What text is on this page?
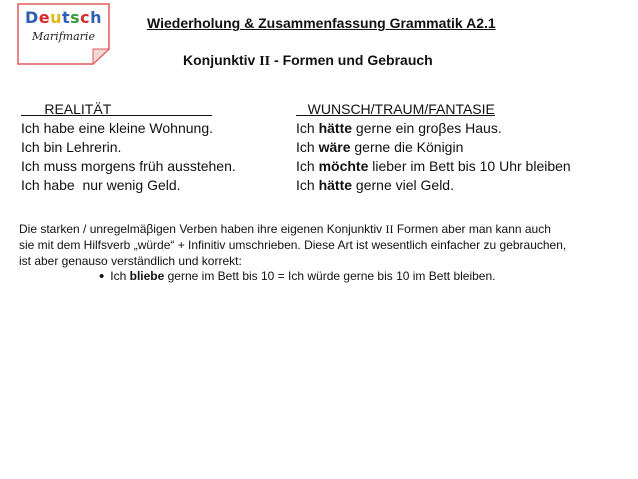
Deutsch
Marifmarie
Wiederholung & Zusammenfassung Grammatik A2.1
Konjunktiv II - Formen und Gebrauch
REALITÄT
Ich habe eine kleine Wohnung.
Ich bin Lehrerin.
Ich muss morgens früh ausstehen.
Ich habe  nur wenig Geld.
WUNSCH/TRAUM/FANTASIE
Ich hätte gerne ein groβes Haus.
Ich wäre gerne die Königin
Ich möchte lieber im Bett bis 10 Uhr bleiben
Ich hätte gerne viel Geld.
Die starken / unregelmäβigen Verben haben ihre eigenen Konjunktiv II Formen aber man kann auch
sie mit dem Hilfsverb „würde“ + Infinitiv umschrieben. Diese Art ist wesentlich einfacher zu gebrauchen,
ist aber genauso verständlich und korrekt:
• Ich bliebe gerne im Bett bis 10 = Ich würde gerne bis 10 im Bett bleiben.
